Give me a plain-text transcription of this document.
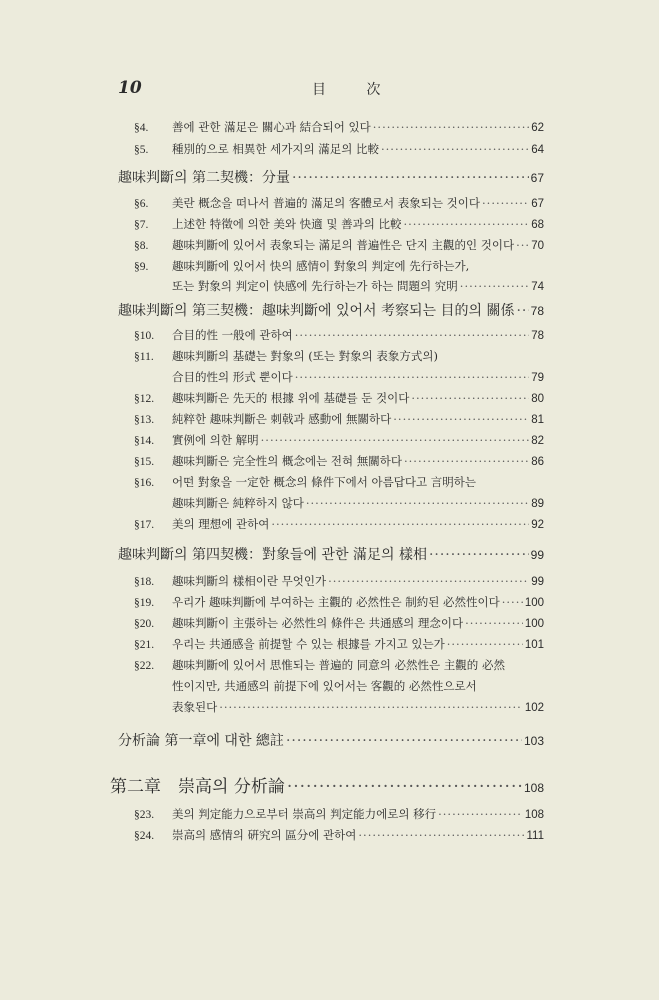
10	目 次
§4.	善에 관한 滿足은 關心과 結合되어 있다 ·····	62
§5.	種別的으로 相異한 세가지의 滿足의 比較 ·····	64
趣味判斷의 第二契機：分量 ·····	67
§6.	美란 概念을 떠나서 普遍的 滿足의 客體로서 表象되는 것이다 ·····	67
§7.	上述한 特徵에 의한 美와 快適 및 善과의 比較 ·····	68
§8.	趣味判斷에 있어서 表象되는 滿足의 普遍性은 단지 主觀的인 것이다 ····· 70
§9.	趣味判斷에 있어서 快의 感情이 對象의 判定에 先行하는가,
또는 對象의 判定이 快感에 先行하는가 하는 問題의 究明 ·····	74
趣味判斷의 第三契機：趣味判斷에 있어서 考察되는 目的의 關係 ····· 78
§10.	合目的性 一般에 관하여 ·····	78
§11.	趣味判斷의 基礎는 對象의 (또는 對象의 表象方式의)
合目的性의 形式 뿐이다 ·····	79
§12.	趣味判斷은 先天的 根據 위에 基礎를 둔 것이다 ·····	80
§13.	純粹한 趣味判斷은 刺戟과 感動에 無關하다 ·····	81
§14.	實例에 의한 解明 ·····	82
§15.	趣味判斷은 完全性의 概念에는 전혀 無關하다 ·····	86
§16.	어떤 對象을 一定한 概念의 條件下에서 아름답다고 言明하는
趣味判斷은 純粹하지 않다 ·····	89
§17.	美의 理想에 관하여 ·····	92
趣味判斷의 第四契機：對象들에 관한 滿足의 樣相 ·····	99
§18.	趣味判斷의 樣相이란 무엇인가 ·····	99
§19.	우리가 趣味判斷에 부여하는 主觀的 必然性은 制約된 必然性이다 ····· 100
§20.	趣味判斷이 主張하는 必然性의 條件은 共通感의 理念이다 ·····	100
§21.	우리는 共通感을 前提할 수 있는 根據를 가지고 있는가 ·····	101
§22.	趣味判斷에 있어서 思惟되는 普遍的 同意의 必然性은 主觀的 必然
性이지만, 共通感의 前提下에 있어서는 客觀的 必然性으로서
表象된다 ·····	102
分析論 第一章에 대한 總註 ·····	103
第二章　崇高의 分析論 ·····	108
§23.	美의 判定能力으로부터 崇高의 判定能力에로의 移行 ·····	108
§24.	崇高의 感情의 硏究의 區分에 관하여 ·····	111
